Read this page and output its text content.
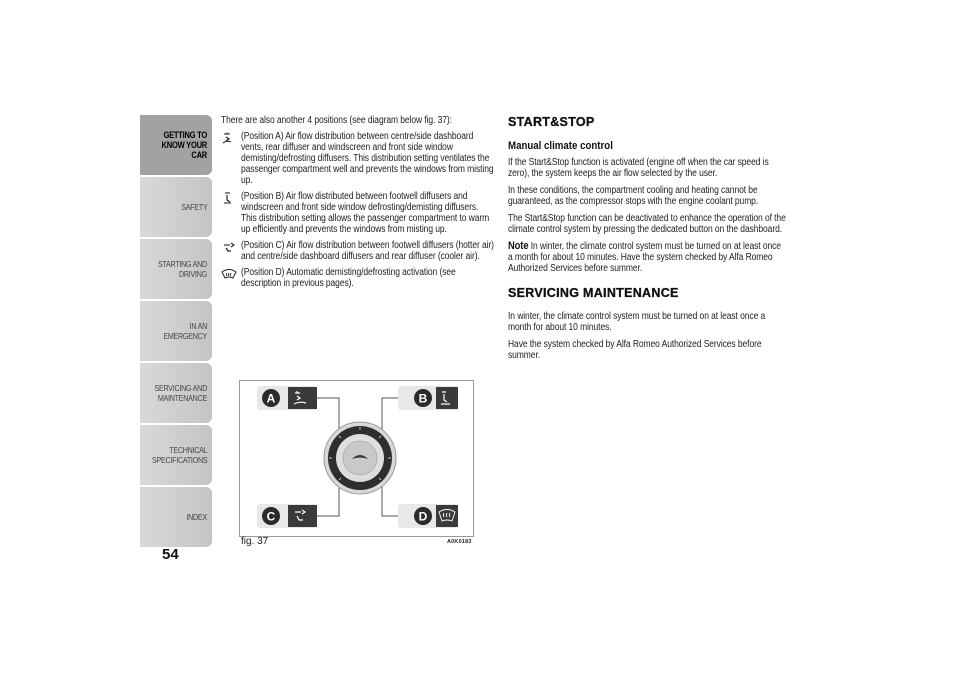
GETTING TO
KNOW YOUR CAR
SAFETY
STARTING AND
DRIVING
IN AN EMERGENCY
SERVICING AND
MAINTENANCE
TECHNICAL
SPECIFICATIONS
INDEX
54
There are also another 4 positions (see diagram below fig. 37):
(Position A) Air flow distribution between centre/side dashboard vents, rear diffuser and windscreen and front side window demisting/defrosting diffusers. This distribution setting ventilates the passenger compartment well and prevents the windows from misting up.
(Position B) Air flow distributed between footwell diffusers and windscreen and front side window defrosting/demisting diffusers. This distribution setting allows the passenger compartment to warm up efficiently and prevents the windows from misting up.
(Position C) Air flow distribution between footwell diffusers (hotter air) and centre/side dashboard diffusers and rear diffuser (cooler air).
(Position D) Automatic demisting/defrosting activation (see description in previous pages).
A	B
C	D
fig. 37	A0K0183
START&STOP
Manual climate control
If the Start&Stop function is activated (engine off when the car speed is zero), the system keeps the air flow selected by the user.
In these conditions, the compartment cooling and heating cannot be guaranteed, as the compressor stops with the engine coolant pump.
The Start&Stop function can be deactivated to enhance the operation of the climate control system by pressing the dedicated button on the dashboard.
Note In winter, the climate control system must be turned on at least once a month for about 10 minutes. Have the system checked by Alfa Romeo Authorized Services before summer.
SERVICING MAINTENANCE
In winter, the climate control system must be turned on at least once a month for about 10 minutes.
Have the system checked by Alfa Romeo Authorized Services before summer.
